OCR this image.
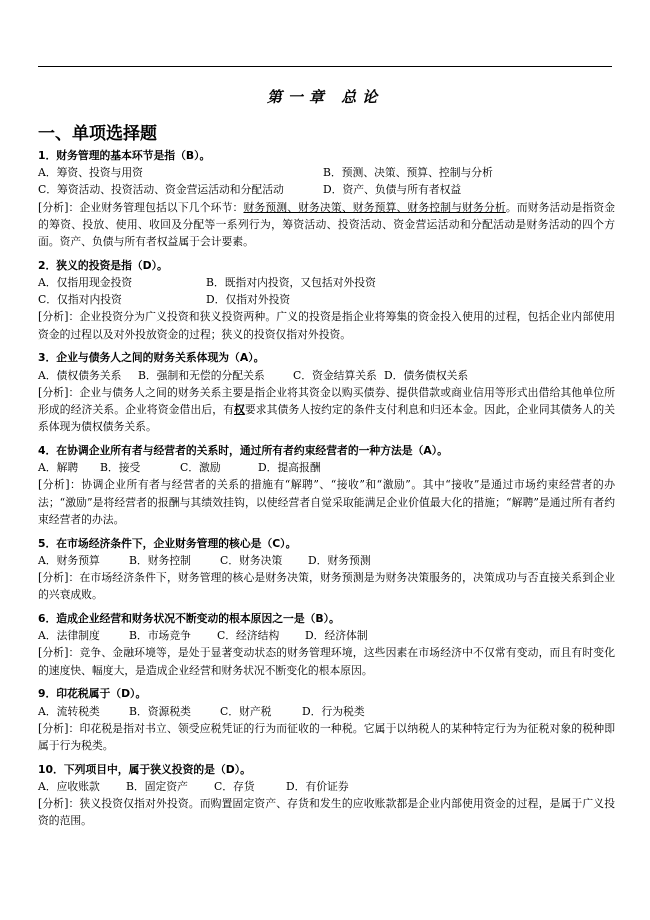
第一章 总论
一、单项选择题
1．财务管理的基本环节是指（B）。
A．筹资、投资与用资	B．预测、决策、预算、控制与分析
C．筹资活动、投资活动、资金营运活动和分配活动	D．资产、负债与所有者权益
[分析]：企业财务管理包括以下几个环节：财务预测、财务决策、财务预算、财务控制与财务分析。而财务活动是指资金的筹资、投放、使用、收回及分配等一系列行为，筹资活动、投资活动、资金营运活动和分配活动是财务活动的四个方面。资产、负债与所有者权益属于会计要素。
2．狭义的投资是指（D）。
A．仅指用现金投资	B．既指对内投资，又包括对外投资
C．仅指对内投资	D．仅指对外投资
[分析]：企业投资分为广义投资和狭义投资两种。广义的投资是指企业将筹集的资金投入使用的过程，包括企业内部使用资金的过程以及对外投放资金的过程；狭义的投资仅指对外投资。
3．企业与债务人之间的财务关系体现为（A）。
A．债权债务关系	B．强制和无偿的分配关系	C．资金结算关系 D．债务债权关系
[分析]：企业与债务人之间的财务关系主要是指企业将其资金以购买债券、提供借款或商业信用等形式出借给其他单位所形成的经济关系。企业将资金借出后，有权要求其债务人按约定的条件支付利息和归还本金。因此，企业同其债务人的关系体现为债权债务关系。
4．在协调企业所有者与经营者的关系时，通过所有者约束经营者的一种方法是（A）。
A．解聘	B．接受	C．激励	D．提高报酬
[分析]：协调企业所有者与经营者的关系的措施有“解聘”、“接收”和“激励”。其中“接收”是通过市场约束经营者的办法；“激励”是将经营者的报酬与其绩效挂钩，以使经营者自觉采取能满足企业价值最大化的措施；“解聘”是通过所有者约束经营者的办法。
5．在市场经济条件下，企业财务管理的核心是（C）。
A．财务预算	B．财务控制	C．财务决策	D．财务预测
[分析]：在市场经济条件下，财务管理的核心是财务决策，财务预测是为财务决策服务的，决策成功与否直接关系到企业的兴衰成败。
6．造成企业经营和财务状况不断变动的根本原因之一是（B）。
A．法律制度	B．市场竞争	C．经济结构	D．经济体制
[分析]：竞争、金融环境等，是处于显著变动状态的财务管理环境，这些因素在市场经济中不仅常有变动，而且有时变化的速度快、幅度大，是造成企业经营和财务状况不断变化的根本原因。
9．印花税属于（D）。
A．流转税类	B．资源税类	C．财产税	D．行为税类
[分析]：印花税是指对书立、领受应税凭证的行为而征收的一种税。它属于以纳税人的某种特定行为为征税对象的税种即属于行为税类。
10．下列项目中，属于狭义投资的是（D）。
A．应收账款	B．固定资产	C．存货	D．有价证券
[分析]：狭义投资仅指对外投资。而购置固定资产、存货和发生的应收账款都是企业内部使用资金的过程，是属于广义投资的范围。
